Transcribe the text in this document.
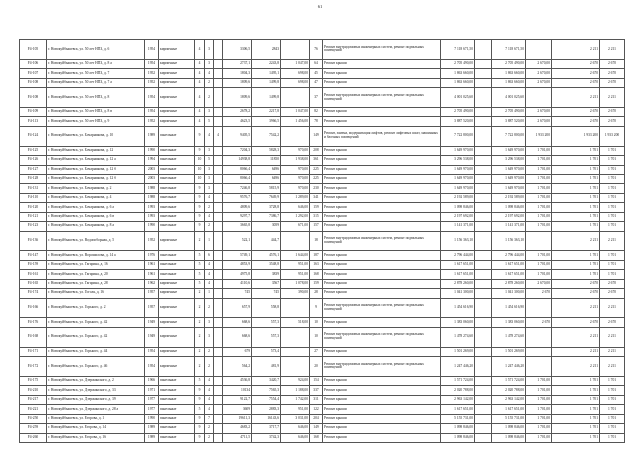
61
F4-105	г. Новокуйбышевск, ул. 50 лет НПЗ, д. 6	1954	кирпичные	4	3		3306,5	2843		76	Ремонт внутридомовых инженерных систем, ремонт подвальных помещений	7 118 671,50		7 118 671,50		2 211	2 211
F4-106	г. Новокуйбышевск, ул. 50 лет НПЗ, д. 8 а	1954	кирпичные	4	3		2737,1	2243,8	1 047,00	64	Ремонт крыши	2 705 490,00		2 705 490,00	2 670,00	2 670	2 670
F4-107	г. Новокуйбышевск, ул. 50 лет НПЗ, д. 7	1952	кирпичные	4	4		1804,3	1495,1	698,00	45	Ремонт крыши	1 863 660,00		1 863 660,00	2 670,00	2 670	2 670
F4-108	г. Новокуйбышевск, ул. 50 лет НПЗ, д. 7 а	1952	кирпичные	4	2		1809,6	1499,8	698,00	47	Ремонт крыши	1 863 660,00		1 863 660,00	2 670,00	2 670	2 670
F4-108	г. Новокуйбышевск, ул. 50 лет НПЗ, д. 8	1954	кирпичные	4	2		1809,6	1499,8		37	Ремонт внутридомовых инженерных систем, ремонт подвальных помещений	4 001 025,60		4 001 025,60		2 211	2 211
F4-109	г. Новокуйбышевск, ул. 50 лет НПЗ, д. 8 в	1954	кирпичные	4	3		2678,2	2217,8	1 047,00	82	Ремонт крыши	2 705 490,00		2 705 490,00	2 670,00	2 670	2 670
F4-113	г. Новокуйбышевск, ул. 50 лет НПЗ, д. 9	1952	кирпичные	4	5		4623,5	3966,5	1 456,00	78	Ремонт крыши	3 887 520,00		3 887 520,00	2 670,00	2 670	2 670
F4-124	г. Новокуйбышевск, ул. Бочарникова, д. 10	1989	панельные	9	4	4	9405,5	7542,2		149	Ремонт, замена, модернизация лифтов, ремонт лифтовых шахт, машинных и блочных помещений	7 722 800,00		7 722 800,00	1 933 200	1 933 200	1 933 200
F4-125	г. Новокуйбышевск, ул. Бочарникова, д. 12	1990	панельные	9	3		7204,3	5828,3	970,00	208	Ремонт крыши	1 649 970,00		1 649 970,00	1 701,00	1 701	1 701
F4-126	г. Новокуйбышевск, ул. Бочарникова, д. 12 а	1994	панельные	10	5		14938,8	11850	1 938,00	361	Ремонт крыши	3 296 538,00		3 296 538,00	1 701,00	1 701	1 701
F4-127	г. Новокуйбышевск, ул. Бочарникова, д. 12 б	2003	панельные	10	3		8066,4	6496	970,00	225	Ремонт крыши	1 649 970,00		1 649 970,00	1 701,00	1 701	1 701
F4-128	г. Новокуйбышевск, ул. Бочарникова, д. 12 б	2003	панельные	10	3		8066,4	6496	970,00	225	Ремонт крыши	1 649 970,00		1 649 970,00	1 701,00	1 701	1 701
F4-131	г. Новокуйбышевск, ул. Бочарникова, д. 2	1988	панельные	9	3		7246,8	5815,9	970,00	230	Ремонт крыши	1 649 970,00		1 649 970,00	1 701,00	1 701	1 701
F4-110	г. Новокуйбышевск, ул. Бочарникова, д. 4	1988	панельные	9	4		9576,7	7649,9	1 289,00	341	Ремонт крыши	2 192 589,00		2 192 589,00	1 701,00	1 701	1 701
F4-120	г. Новокуйбышевск, ул. Бочарникова, д. 6 а	1993	панельные	9	2		4809,6	3728,8	646,00	159	Ремонт крыши	1 098 846,00		1 098 846,00	1 701,00	1 701	1 701
F4-121	г. Новокуйбышевск, ул. Бочарникова, д. 6 в	1993	панельные	9	4		9297,7	7386,7	1 292,00	315	Ремонт крыши	2 197 692,00		2 197 692,00	1 701,00	1 701	1 701
F4-123	г. Новокуйбышевск, ул. Бочарникова, д. 8 а	1990	панельные	9	2		3665,8	3059	671,00	157	Ремонт крыши	1 141 371,00		1 141 371,00	1 701,00	1 701	1 701
F4-136	г. Новокуйбышевск, ул. Водопоборная, д. 5	1952	кирпичные	2	1		522,1	444,7		18	Ремонт внутридомовых инженерных систем, ремонт подвальных помещений	1 156 363,10		1 156 363,10		2 211	2 211
F4-147	г. Новокуйбышевск, ул. Ворошилова, д. 14 а	1976	панельные	5	6		5749,1	4576,1	1 644,00	187	Ремонт крыши	2 796 444,00		2 796 444,00	1 701,00	1 701	1 701
F4-159	г. Новокуйбышевск, ул. Гагарина, д. 16	1961	панельные	5	4		4853,9	3548,8	951,00	163	Ремонт крыши	1 617 651,00		1 617 651,00	1 701,00	1 701	1 701
F4-161	г. Новокуйбышевск, ул. Гагарина, д. 20	1961	панельные	5	4		4975,8	3839	951,00	168	Ремонт крыши	1 617 651,00		1 617 651,00	1 701,00	1 701	1 701
F4-165	г. Новокуйбышевск, ул. Гагарина, д. 28	1962	кирпичные	5	4		4110,6	3567	1 078,00	159	Ремонт крыши	2 878 260,00		2 878 260,00	2 670,00	2 670	2 670
F4-174	г. Новокуйбышевск, ул. Гоголя, д. 16	1957	кирпичные	2	1		745	745	390,00	28	Ремонт крыши	1 041 300,00		1 041 300,00	2 670	2 670	2 670
F4-166	г. Новокуйбышевск, ул. Горького, д. 2	1957	кирпичные	2	2		657,9	558,8		9	Ремонт внутридомовых инженерных систем, ремонт подвальных помещений	1 454 616,90		1 454 616,90		2 211	2 211
F4-176	г. Новокуйбышевск, ул. Горького, д. 42	1949	кирпичные	2	3		668,6	557,3	518,00	10	Ремонт крыши	1 383 060,00		1 383 060,00	2 670	2 670	2 670
F4-168	г. Новокуйбышевск, ул. Горького, д. 42	1949	кирпичные	2	3		668,6	557,3		10	Ремонт внутридомовых инженерных систем, ремонт подвальных помещений	1 478 274,60		1 478 274,60		2 211	2 211
F4-171	г. Новокуйбышевск, ул. Горького, д. 44	1954	кирпичные	2	2		679	573,4		27	Ремонт крыши	1 501 269,00		1 501 269,00		2 211	2 211
F4-172	г. Новокуйбышевск, ул. Горького, д. 46	1954	кирпичные	2	2		564,2	481,9		20	Ремонт внутридомовых инженерных систем, ремонт подвальных помещений	1 247 446,20		1 247 446,20		2 211	2 211
F4-175	г. Новокуйбышевск, ул. Дзержинского, д. 2	1966	панельные	5	4		4536,8	3420,7	924,00	154	Ремонт крыши	1 571 724,00		1 571 724,00	1 701,00	1 701	1 701
F4-210	г. Новокуйбышевск, ул. Дзержинского, д. 33	1971	панельные	9	4		10134	7565,3	1 188,00	337	Ремонт крыши	2 020 788,00		2 020 788,00	1 701,00	1 701	1 701
F4-217	г. Новокуйбышевск, ул. Дзержинского, д. 39	1977	панельные	9	4		9122,7	7554,4	1 742,00	311	Ремонт крыши	2 963 142,00		2 963 142,00	1 701,00	1 701	1 701
F4-221	г. Новокуйбышевск, ул. Дзержинского, д. 28 а	1977	панельные	5	4		3609	2883,3	951,00	122	Ремонт крыши	1 617 651,00		1 617 651,00	1 701,00	1 701	1 701
F4-250	г. Новокуйбышевск, ул. Егорова, д. 1	1990	панельные	9	7		19611,3	16143,6	3 031,00	204	Ремонт крыши	5 155 731,00		5 155 731,00	1 701,00	1 701	1 701
F4-259	г. Новокуйбышевск, ул. Егорова, д. 14	1989	панельные	9	2		4683,2	3717,7	646,00	149	Ремонт крыши	1 098 846,00		1 098 846,00	1 701,00	1 701	1 701
F4-260	г. Новокуйбышевск, ул. Егорова, д. 16	1989	панельные	9	2		4711,5	3742,3	646,00	168	Ремонт крыши	1 098 846,00		1 098 846,00	1 701,00	1 701	1 701
